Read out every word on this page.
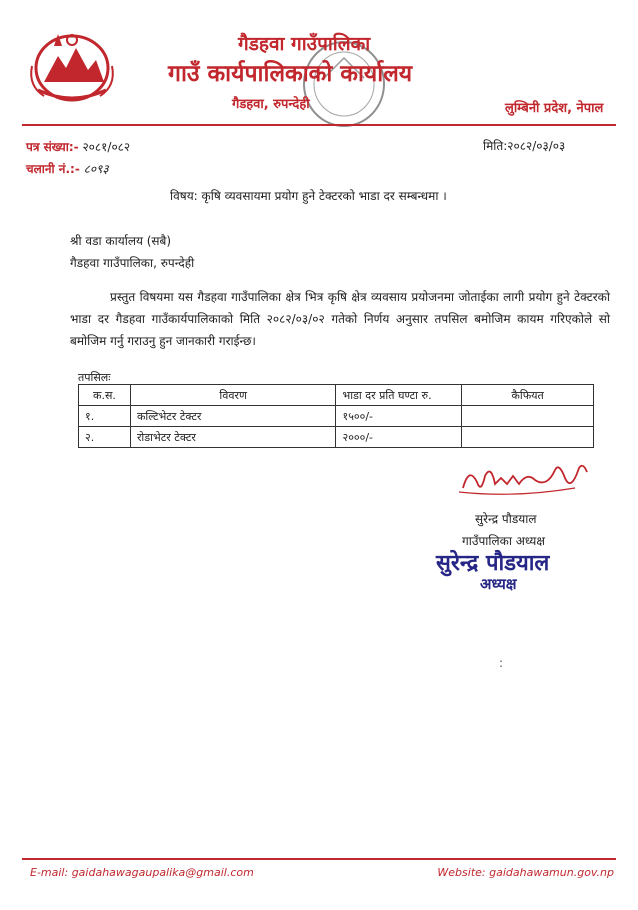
गैडहवा गाउँपालिका
गाउँ कार्यपालिकाको कार्यालय
गैडहवा, रुपन्देही	लुम्बिनी प्रदेश, नेपाल
पत्र संख्या:- २०८१/०८२
चलानी नं.:- ८०९३
मिति:२०८२/०३/०३
विषय: कृषि व्यवसायमा प्रयोग हुने टेक्टरको भाडा दर सम्बन्धमा ।
श्री वडा कार्यालय (सबै)
गैडहवा गाउँपालिका, रुपन्देही
प्रस्तुत विषयमा यस गैडहवा गाउँपालिका क्षेत्र भित्र कृषि क्षेत्र व्यवसाय प्रयोजनमा जोताईका लागी प्रयोग हुने टेक्टरको भाडा दर गैडहवा गाउँकार्यपालिकाको मिति २०८२/०३/०२ गतेको निर्णय अनुसार तपसिल बमोजिम कायम गरिएकोले सो बमोजिम गर्नु गराउनु हुन जानकारी गराईन्छ।
तपसिलः
क.स.	विवरण	भाडा दर प्रति घण्टा रु.	कैफियत
१.	कल्टिभेटर टेक्टर	१५००/-	
२.	रोडाभेटर टेक्टर	२०००/-	
सुरेन्द्र पौडयाल
गाउँपालिका अध्यक्ष
सुरेन्द्र पौडयाल
अध्यक्ष
:
E-mail: gaidahawagaupalika@gmail.com	Website: gaidahawamun.gov.np
